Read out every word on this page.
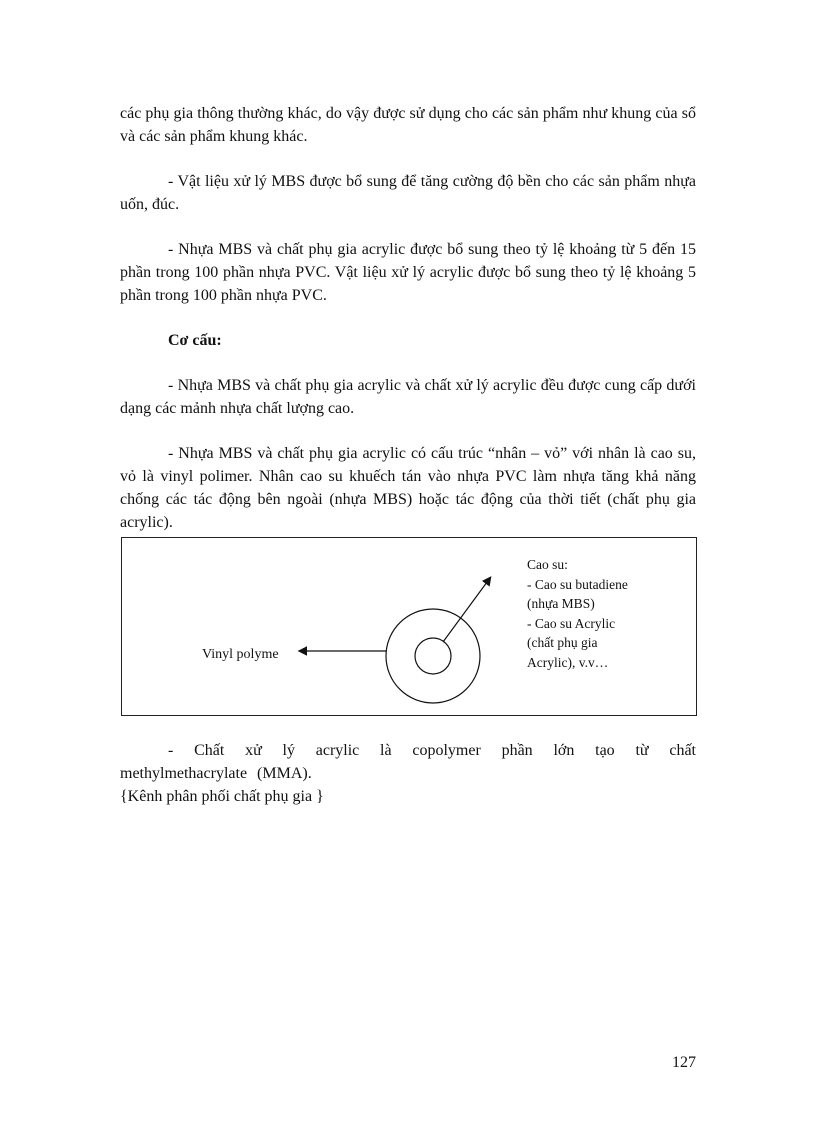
các phụ gia thông thường khác, do vậy được sử dụng cho các sản phẩm như khung của sổ và các sản phẩm khung khác.

- Vật liệu xử lý MBS được bổ sung để tăng cường độ bền cho các sản phẩm nhựa uốn, đúc.

- Nhựa MBS và chất phụ gia acrylic được bổ sung theo tỷ lệ khoảng từ 5 đến 15 phần trong 100 phần nhựa PVC. Vật liệu xử lý acrylic được bổ sung theo tỷ lệ khoảng 5 phần trong 100 phần nhựa PVC.

Cơ cấu:

- Nhựa MBS và chất phụ gia acrylic và chất xử lý acrylic đều được cung cấp dưới dạng các mảnh nhựa chất lượng cao.

- Nhựa MBS và chất phụ gia acrylic có cấu trúc “nhân – vỏ” với nhân là cao su, vỏ là vinyl polimer. Nhân cao su khuếch tán vào nhựa PVC làm nhựa tăng khả năng chống các tác động bên ngoài (nhựa MBS) hoặc tác động của thời tiết (chất phụ gia acrylic).

Vinyl polyme
Cao su:
- Cao su butadiene
(nhựa MBS)
- Cao su Acrylic
(chất phụ gia
Acrylic), v.v…

- Chất xử lý acrylic là copolymer phần lớn tạo từ chất methylmethacrylate (MMA).

{Kênh phân phối chất phụ gia }

127
